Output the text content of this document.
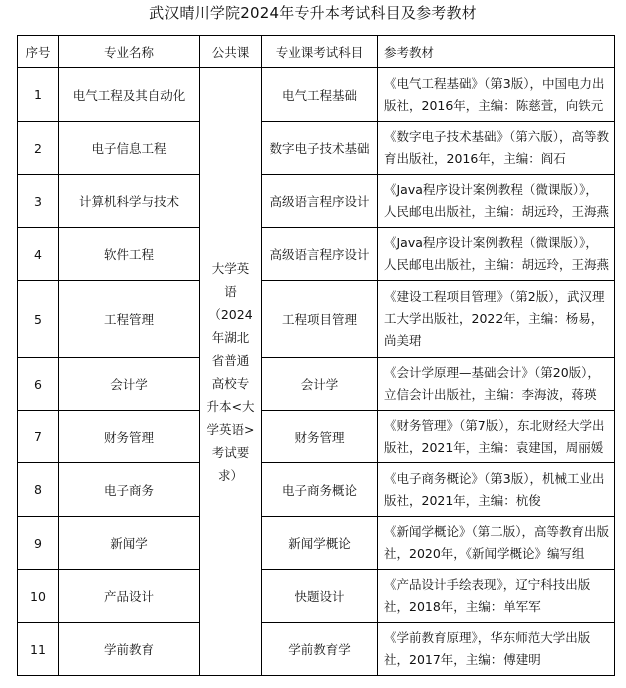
武汉晴川学院2024年专升本考试科目及参考教材
序号	专业名称	公共课	专业课考试科目	参考教材
1	电气工程及其自动化	大学英语（2024年湖北省普通高校专升本<大学英语>考试要求）	电气工程基础	《电气工程基础》（第3版），中国电力出版社，2016年，主编：陈慈萱，向铁元
2	电子信息工程		数字电子技术基础	《数字电子技术基础》（第六版），高等教育出版社，2016年，主编：阎石
3	计算机科学与技术		高级语言程序设计	《Java程序设计案例教程（微课版）》，人民邮电出版社，主编：胡远玲，王海燕
4	软件工程		高级语言程序设计	《Java程序设计案例教程（微课版）》，人民邮电出版社，主编：胡远玲，王海燕
5	工程管理		工程项目管理	《建设工程项目管理》（第2版），武汉理工大学出版社，2022年，主编：杨易，尚美珺
6	会计学		会计学	《会计学原理—基础会计》（第20版），立信会计出版社，主编：李海波，蒋瑛
7	财务管理		财务管理	《财务管理》（第7版），东北财经大学出版社，2021年，主编：袁建国，周丽媛
8	电子商务		电子商务概论	《电子商务概论》（第3版），机械工业出版社，2021年，主编：杭俊
9	新闻学		新闻学概论	《新闻学概论》（第二版），高等教育出版社，2020年，《新闻学概论》编写组
10	产品设计		快题设计	《产品设计手绘表现》，辽宁科技出版社，2018年，主编：单军军
11	学前教育		学前教育学	《学前教育原理》，华东师范大学出版社，2017年，主编：傅建明
